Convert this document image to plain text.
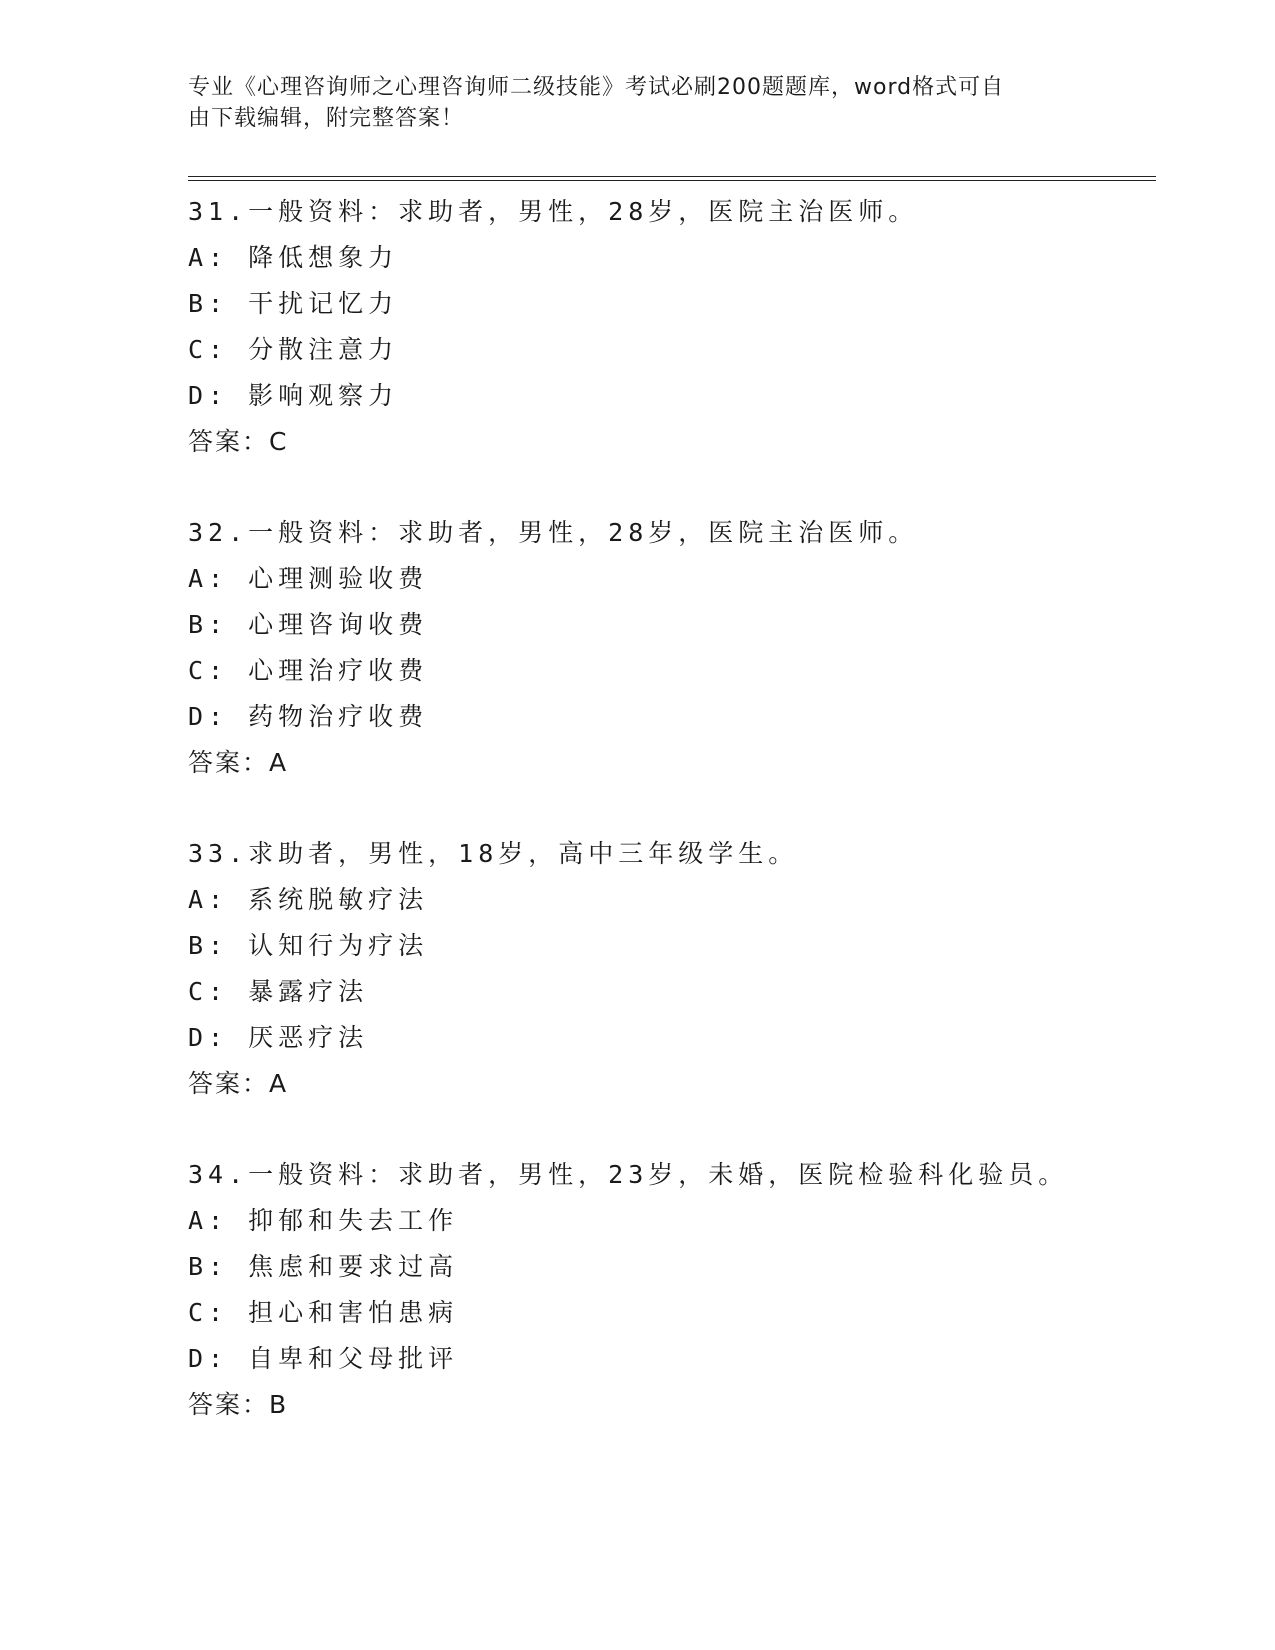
专业《心理咨询师之心理咨询师二级技能》考试必刷200题题库，word格式可自
由下载编辑，附完整答案！
31.一般资料：求助者，男性，28岁，医院主治医师。
A: 降低想象力
B: 干扰记忆力
C: 分散注意力
D: 影响观察力
答案：C
32.一般资料：求助者，男性，28岁，医院主治医师。
A: 心理测验收费
B: 心理咨询收费
C: 心理治疗收费
D: 药物治疗收费
答案：A
33.求助者，男性，18岁，高中三年级学生。
A: 系统脱敏疗法
B: 认知行为疗法
C: 暴露疗法
D: 厌恶疗法
答案：A
34.一般资料：求助者，男性，23岁，未婚，医院检验科化验员。
A: 抑郁和失去工作
B: 焦虑和要求过高
C: 担心和害怕患病
D: 自卑和父母批评
答案：B
